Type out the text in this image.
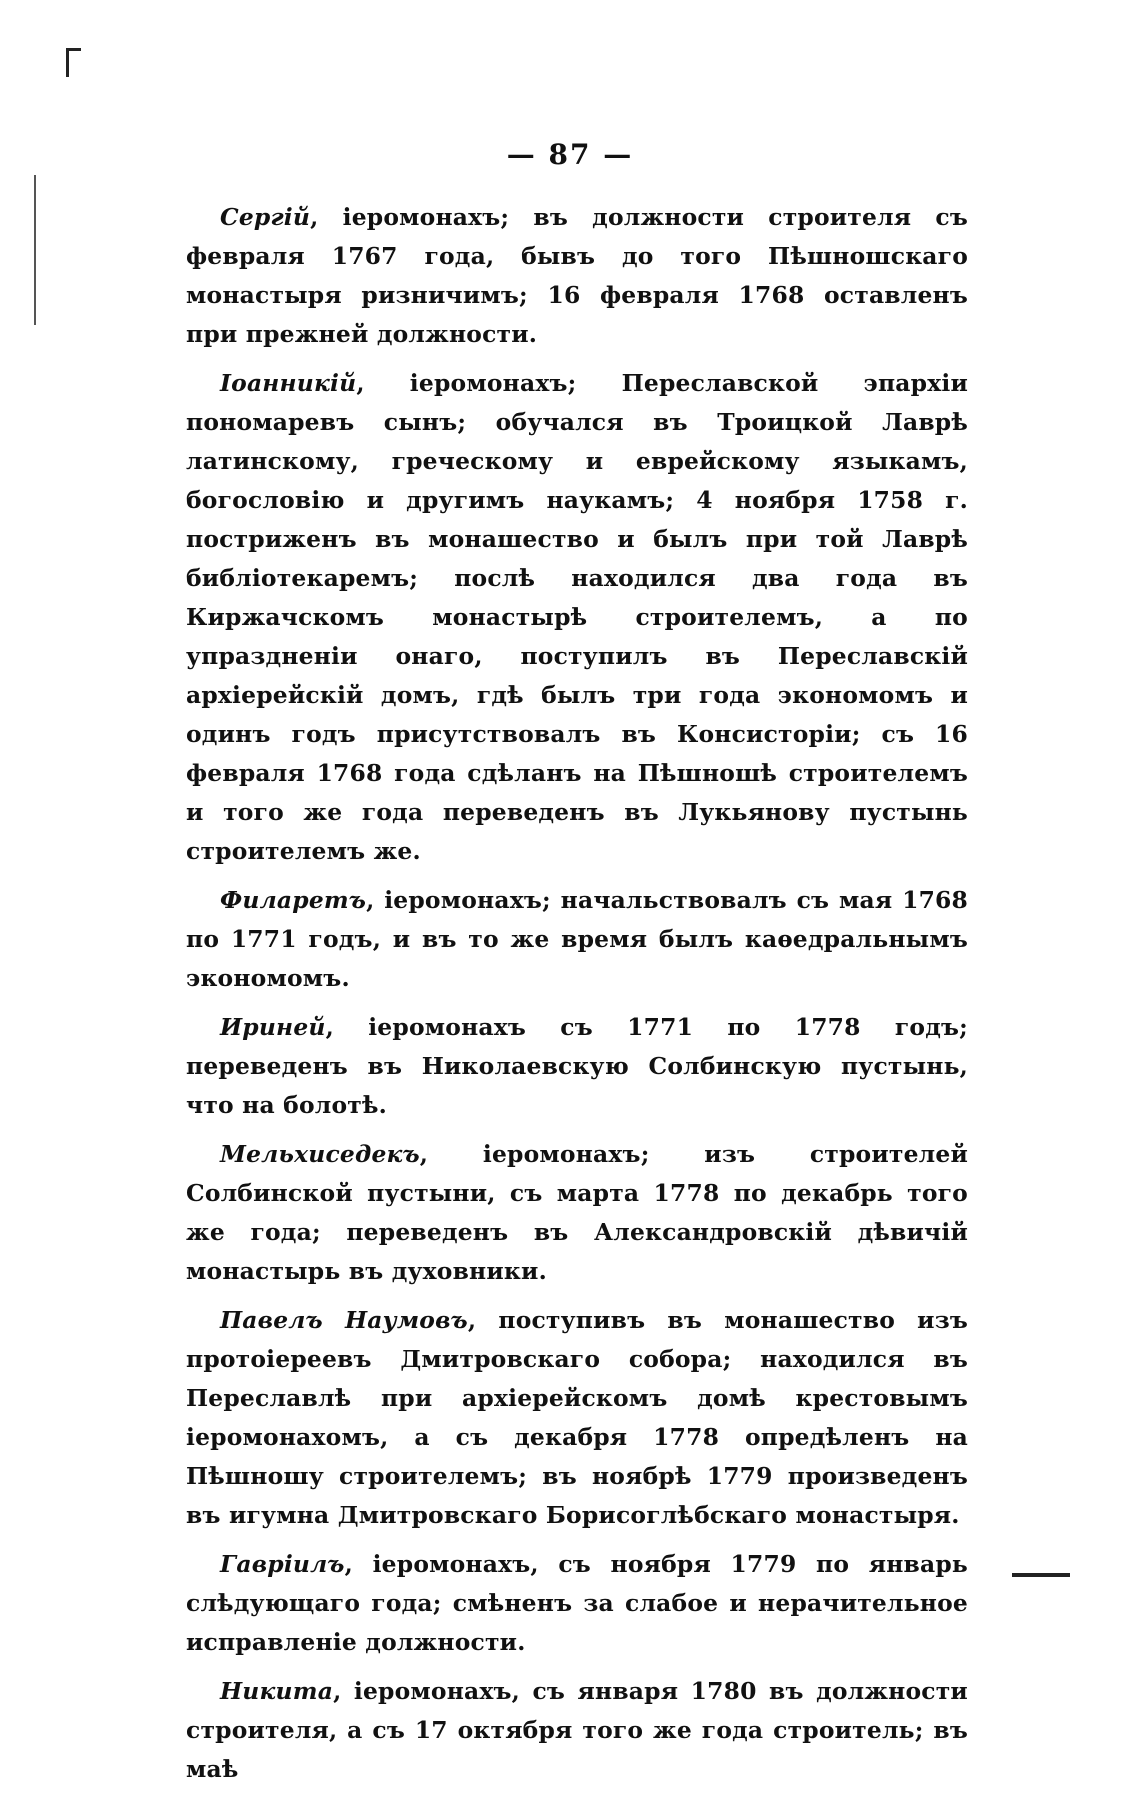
— 87 —

Сергій, іеромонахъ; въ должности строителя съ февраля 1767 года, бывъ до того Пѣшношскаго монастыря ризничимъ; 16 февраля 1768 оставленъ при прежней должности.

Іоанникій, іеромонахъ; Переславской эпархіи пономаревъ сынъ; обучался въ Троицкой Лаврѣ латинскому, греческому и еврейскому языкамъ, богословію и другимъ наукамъ; 4 ноября 1758 г. постриженъ въ монашество и былъ при той Лаврѣ библіотекаремъ; послѣ находился два года въ Киржачскомъ монастырѣ строителемъ, а по упраздненіи онаго, поступилъ въ Переславскій архіерейскій домъ, гдѣ былъ три года экономомъ и одинъ годъ присутствовалъ въ Консисторіи; съ 16 февраля 1768 года сдѣланъ на Пѣшношѣ строителемъ и того же года переведенъ въ Лукьянову пустынь строителемъ же.

Филаретъ, іеромонахъ; начальствовалъ съ мая 1768 по 1771 годъ, и въ то же время былъ каѳедральнымъ экономомъ.

Ириней, іеромонахъ съ 1771 по 1778 годъ; переведенъ въ Николаевскую Солбинскую пустынь, что на болотѣ.

Мельхиседекъ, іеромонахъ; изъ строителей Солбинской пустыни, съ марта 1778 по декабрь того же года; переведенъ въ Александровскій дѣвичій монастырь въ духовники.

Павелъ Наумовъ, поступивъ въ монашество изъ протоіереевъ Дмитровскаго собора; находился въ Переславлѣ при архіерейскомъ домѣ крестовымъ іеромонахомъ, а съ декабря 1778 опредѣленъ на Пѣшношу строителемъ; въ ноябрѣ 1779 произведенъ въ игумна Дмитровскаго Борисоглѣбскаго монастыря.

Гавріилъ, іеромонахъ, съ ноября 1779 по январь слѣдующаго года; смѣненъ за слабое и нерачительное исправленіе должности.

Никита, іеромонахъ, съ января 1780 въ должности строителя, а съ 17 октября того же года строитель; въ маѣ
